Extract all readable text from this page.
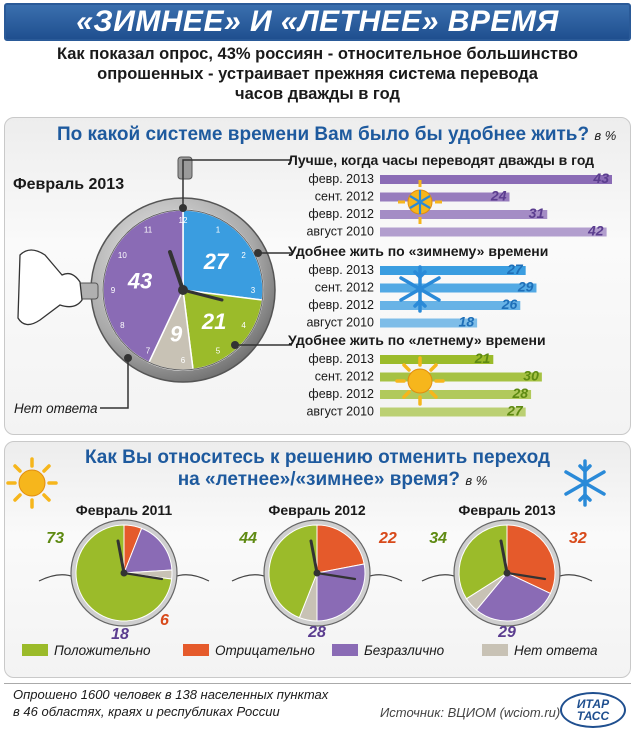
«ЗИМНЕЕ» И «ЛЕТНЕЕ» ВРЕМЯ
Как показал опрос, 43% россиян - относительное большинство
опрошенных - устраивает прежняя система перевода
часов дважды в год
По какой системе времени Вам было бы удобнее жить? в %
Как Вы относитесь к решению отменить переход
на «летнее»/«зимнее» время? в %
43
27
21
9
1
2
3
4
5
6
7
8
9
10
11
12
Лучше, когда часы переводят дважды в год
февр. 2013	43
сент. 2012	24
февр. 2012	31
август 2010	42
Удобнее жить по «зимнему» времени
февр. 2013	27
сент. 2012	29
февр. 2012	26
август 2010	18
Удобнее жить по «летнему» времени
февр. 2013	21
сент. 2012	30
февр. 2012	28
август 2010	27
Февраль 2011
73
6
18
Февраль 2012
44	22
28
Февраль 2013
34	32
29
Положительно	Отрицательно	Безразлично	Нет ответа
Февраль 2013
Нет ответа
Опрошено 1600 человек в 138 населенных пунктах
в 46 областях, краях и республиках России	Источник: ВЦИОМ (wciom.ru)
ИТАР
ТАСС
